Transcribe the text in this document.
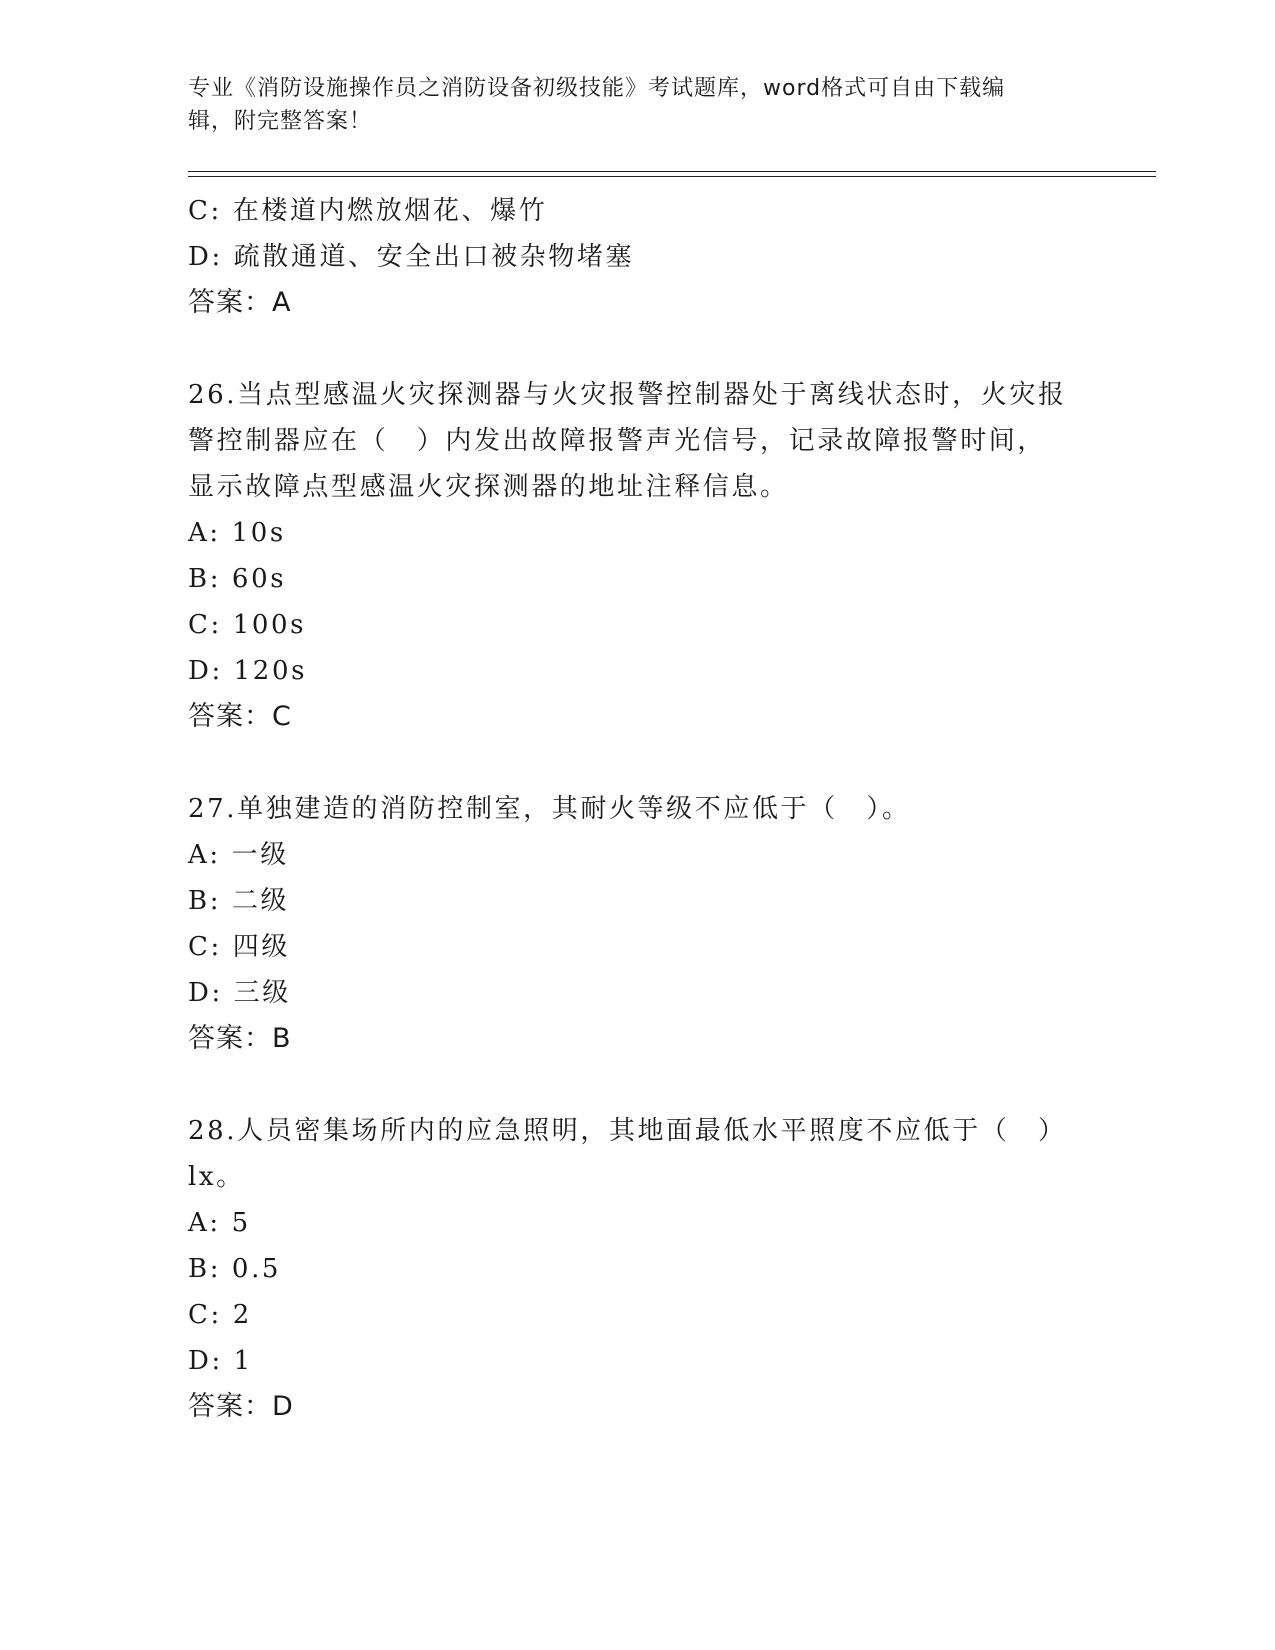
专业《消防设施操作员之消防设备初级技能》考试题库，word格式可自由下载编
辑，附完整答案！
C: 在楼道内燃放烟花、爆竹
D: 疏散通道、安全出口被杂物堵塞
答案：A
26.当点型感温火灾探测器与火灾报警控制器处于离线状态时，火灾报
警控制器应在（　）内发出故障报警声光信号，记录故障报警时间，
显示故障点型感温火灾探测器的地址注释信息。
A: 10s
B: 60s
C: 100s
D: 120s
答案：C
27.单独建造的消防控制室，其耐火等级不应低于（　）。
A: 一级
B: 二级
C: 四级
D: 三级
答案：B
28.人员密集场所内的应急照明，其地面最低水平照度不应低于（　）
lx。
A: 5
B: 0.5
C: 2
D: 1
答案：D
